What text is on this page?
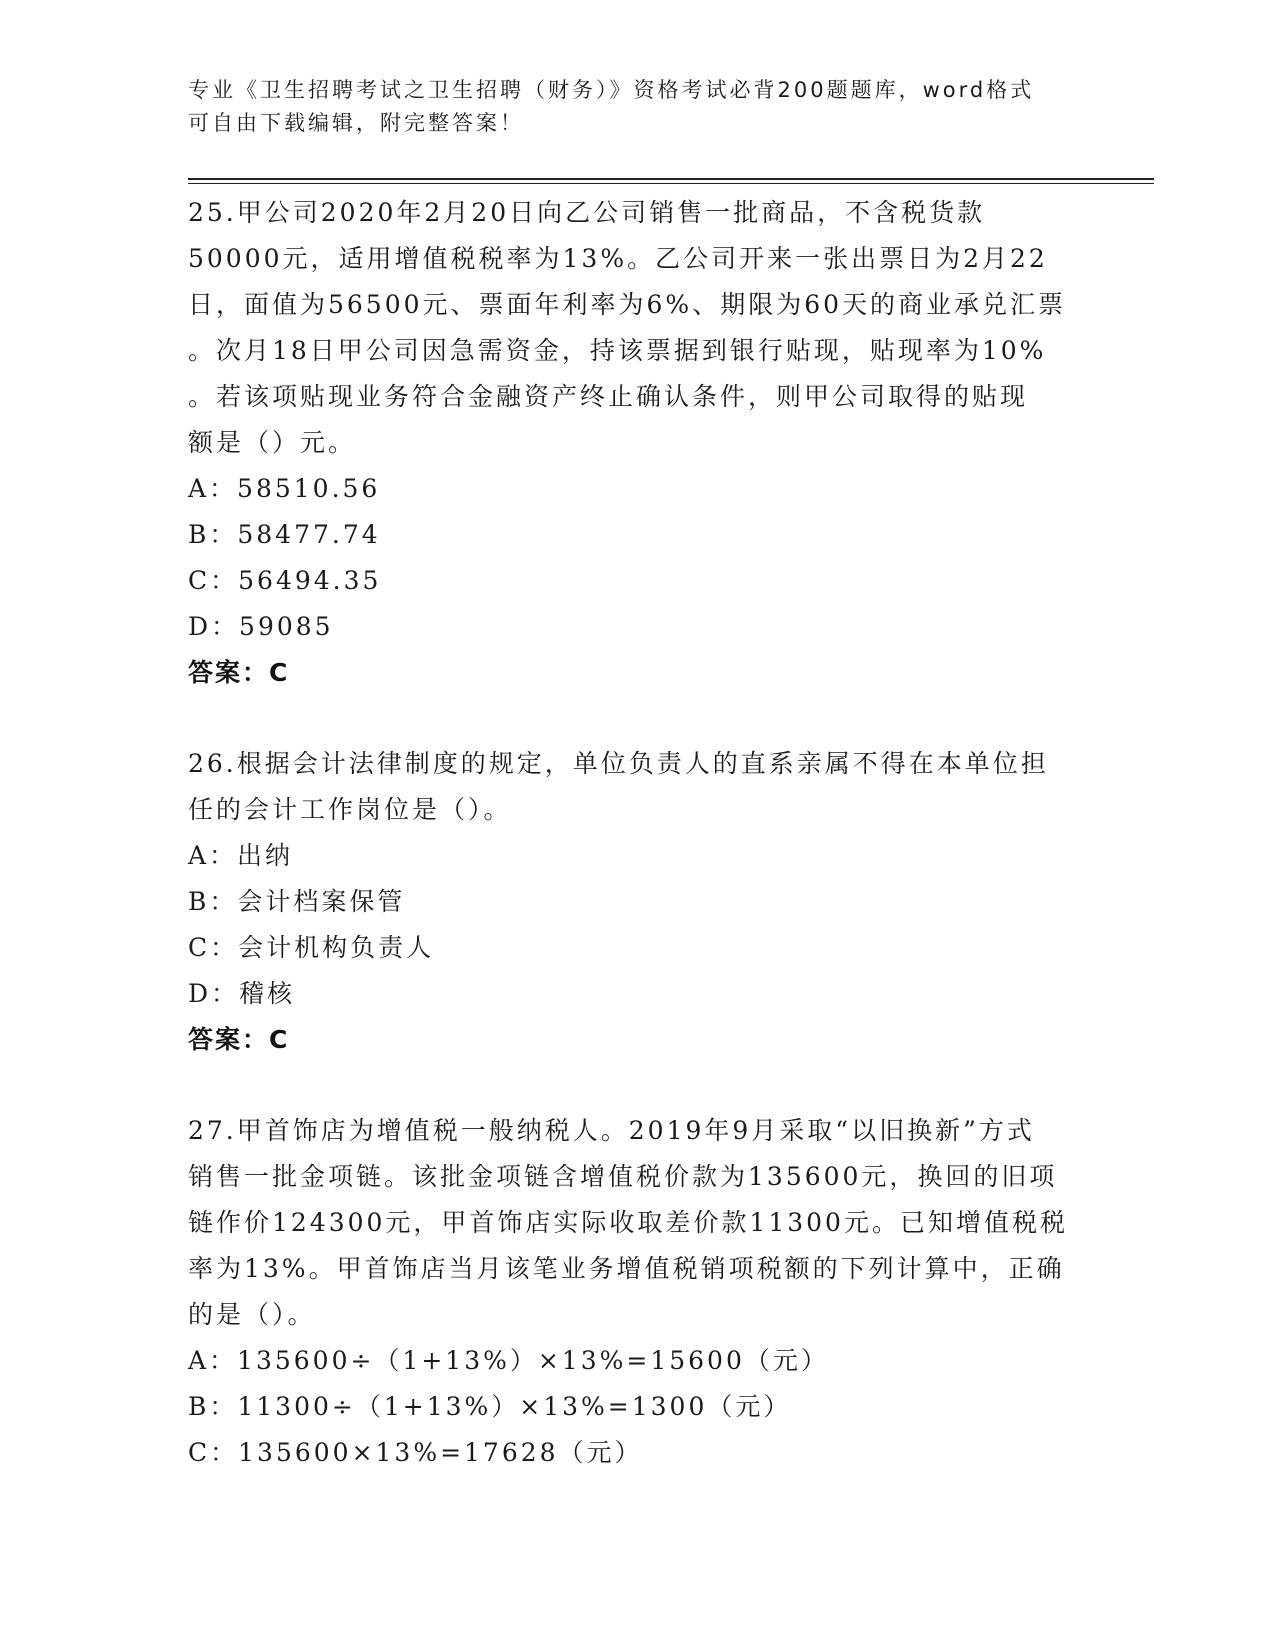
专业《卫生招聘考试之卫生招聘（财务）》资格考试必背200题题库，word格式
可自由下载编辑，附完整答案！
25.甲公司2020年2月20日向乙公司销售一批商品，不含税货款
50000元，适用增值税税率为13%。乙公司开来一张出票日为2月22
日，面值为56500元、票面年利率为6%、期限为60天的商业承兑汇票
。次月18日甲公司因急需资金，持该票据到银行贴现，贴现率为10%
。若该项贴现业务符合金融资产终止确认条件，则甲公司取得的贴现
额是（）元。
A：58510.56
B：58477.74
C：56494.35
D：59085
答案：C
26.根据会计法律制度的规定，单位负责人的直系亲属不得在本单位担
任的会计工作岗位是（）。
A：出纳
B：会计档案保管
C：会计机构负责人
D：稽核
答案：C
27.甲首饰店为增值税一般纳税人。2019年9月采取“以旧换新”方式
销售一批金项链。该批金项链含增值税价款为135600元，换回的旧项
链作价124300元，甲首饰店实际收取差价款11300元。已知增值税税
率为13%。甲首饰店当月该笔业务增值税销项税额的下列计算中，正确
的是（）。
A：135600÷（1+13%）×13%=15600（元）
B：11300÷（1+13%）×13%=1300（元）
C：135600×13%=17628（元）
